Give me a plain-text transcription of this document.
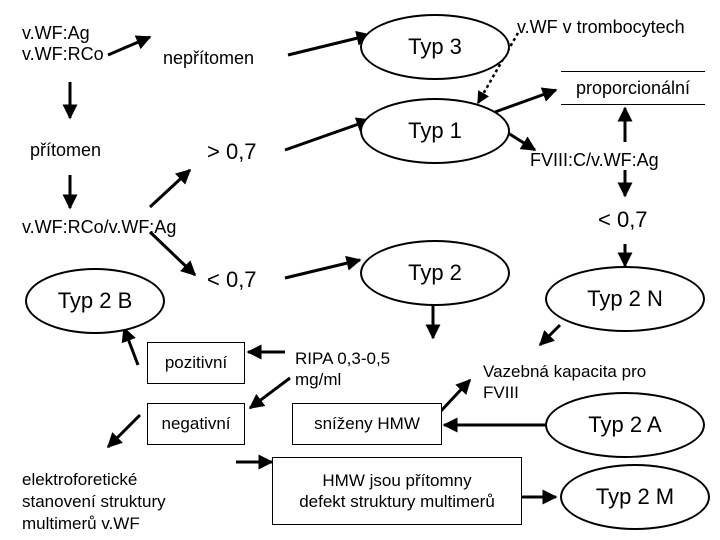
v.WF:Ag
v.WF:RCo	nepřítomen	Typ 3
v.WF v trombocytech
proporcionální
přítomen	> 0,7
Typ 1
FVIII:C/v.WF:Ag
v.WF:RCo/v.WF:Ag	< 0,7
Typ 2 B
< 0,7	Typ 2
Typ 2 N
pozitivní	RIPA 0,3-0,5
mg/ml	Vazebná kapacita pro
FVIII
negativní	sníženy HMW	Typ 2 A
elektroforetické
stanovení struktury
multimerů v.WF
HMW jsou přítomny
defekt struktury multimerů	Typ 2 M
